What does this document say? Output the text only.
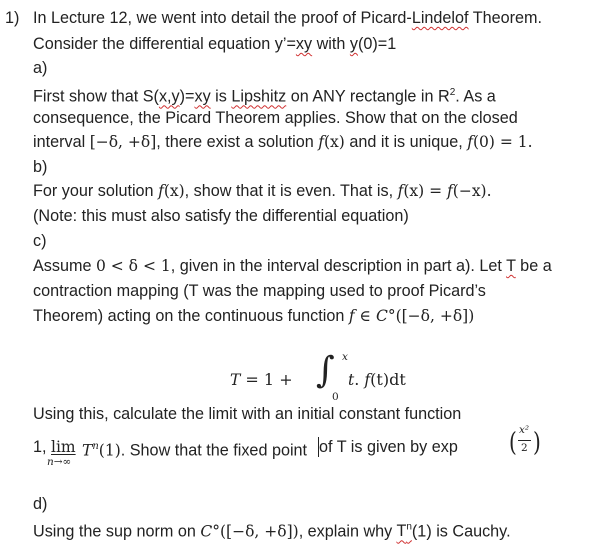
1) In Lecture 12, we went into detail the proof of Picard-Lindelof Theorem.
Consider the differential equation y’=xy with y(0)=1
a)
First show that S(x,y)=xy is Lipshitz on ANY rectangle in $R^2$. As a
consequence, the Picard Theorem applies. Show that on the closed
interval [−δ, +δ], there exist a solution f(x) and it is unique, f(0) = 1.
b)
For your solution f(x), show that it is even. That is, f(x) = f(−x).
(Note: this must also satisfy the differential equation)
c)
Assume 0 < δ < 1, given in the interval description in part a). Let T be a
contraction mapping (T was the mapping used to proof Picard’s
Theorem) acting on the continuous function f ∈ C°([−δ, +δ])
T = 1 + ∫ x
0
t. f(t)dt
Using this, calculate the limit with an initial constant function
1, lim
n→∞
$T^n(1)$. Show that the fixed point of T is given by exp	( x²
2 )
d)
Using the sup norm on C°([−δ, +δ]), explain why $T^n(1)$ is Cauchy.
